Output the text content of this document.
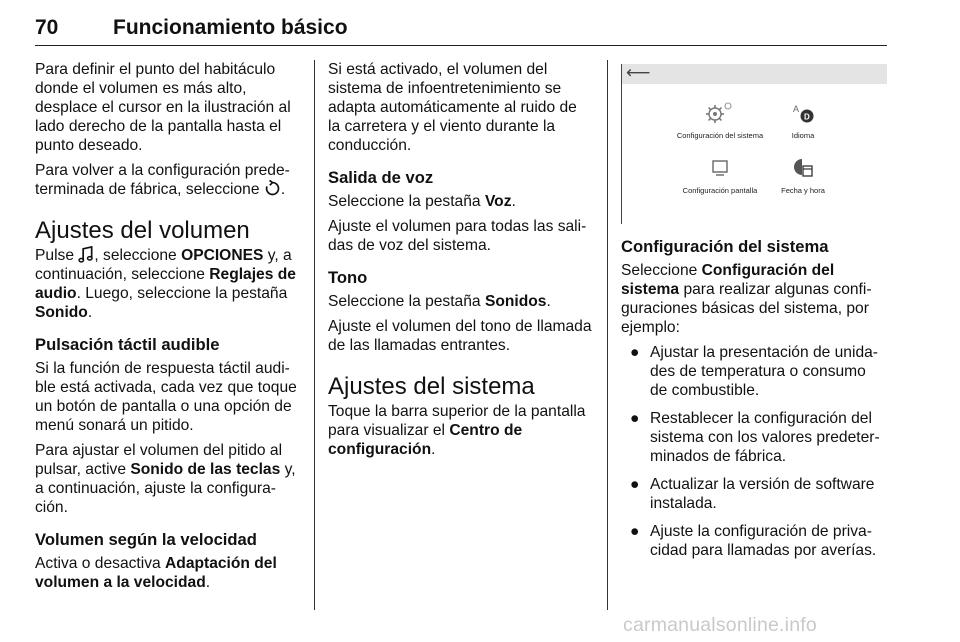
70	Funcionamiento básico

Para definir el punto del habitáculo donde el volumen es más alto, desplace el cursor en la ilustración al lado derecho de la pantalla hasta el punto deseado.

Para volver a la configuración prede-terminada de fábrica, seleccione .

Ajustes del volumen

Pulse , seleccione OPCIONES y, a continuación, seleccione Reglajes de audio. Luego, seleccione la pestaña Sonido.

Pulsación táctil audible

Si la función de respuesta táctil audi-ble está activada, cada vez que toque un botón de pantalla o una opción de menú sonará un pitido.

Para ajustar el volumen del pitido al pulsar, active Sonido de las teclas y, a continuación, ajuste la configura-ción.

Volumen según la velocidad

Activa o desactiva Adaptación del volumen a la velocidad.

Si está activado, el volumen del sistema de infoentretenimiento se adapta automáticamente al ruido de la carretera y el viento durante la conducción.

Salida de voz

Seleccione la pestaña Voz.

Ajuste el volumen para todas las sali-das de voz del sistema.

Tono

Seleccione la pestaña Sonidos.

Ajuste el volumen del tono de llamada de las llamadas entrantes.

Ajustes del sistema

Toque la barra superior de la pantalla para visualizar el Centro de configuración.

⟵
Configuración del sistema
A
D
Idioma
Configuración pantalla	Fecha y hora
Configuración del sistema

Seleccione Configuración del sistema para realizar algunas confi-guraciones básicas del sistema, por ejemplo:

● Ajustar la presentación de unida-des de temperatura o consumo de combustible.
● Restablecer la configuración del sistema con los valores predeter-minados de fábrica.
● Actualizar la versión de software instalada.
● Ajuste la configuración de priva-cidad para llamadas por averías.
carmanualsonline.info
